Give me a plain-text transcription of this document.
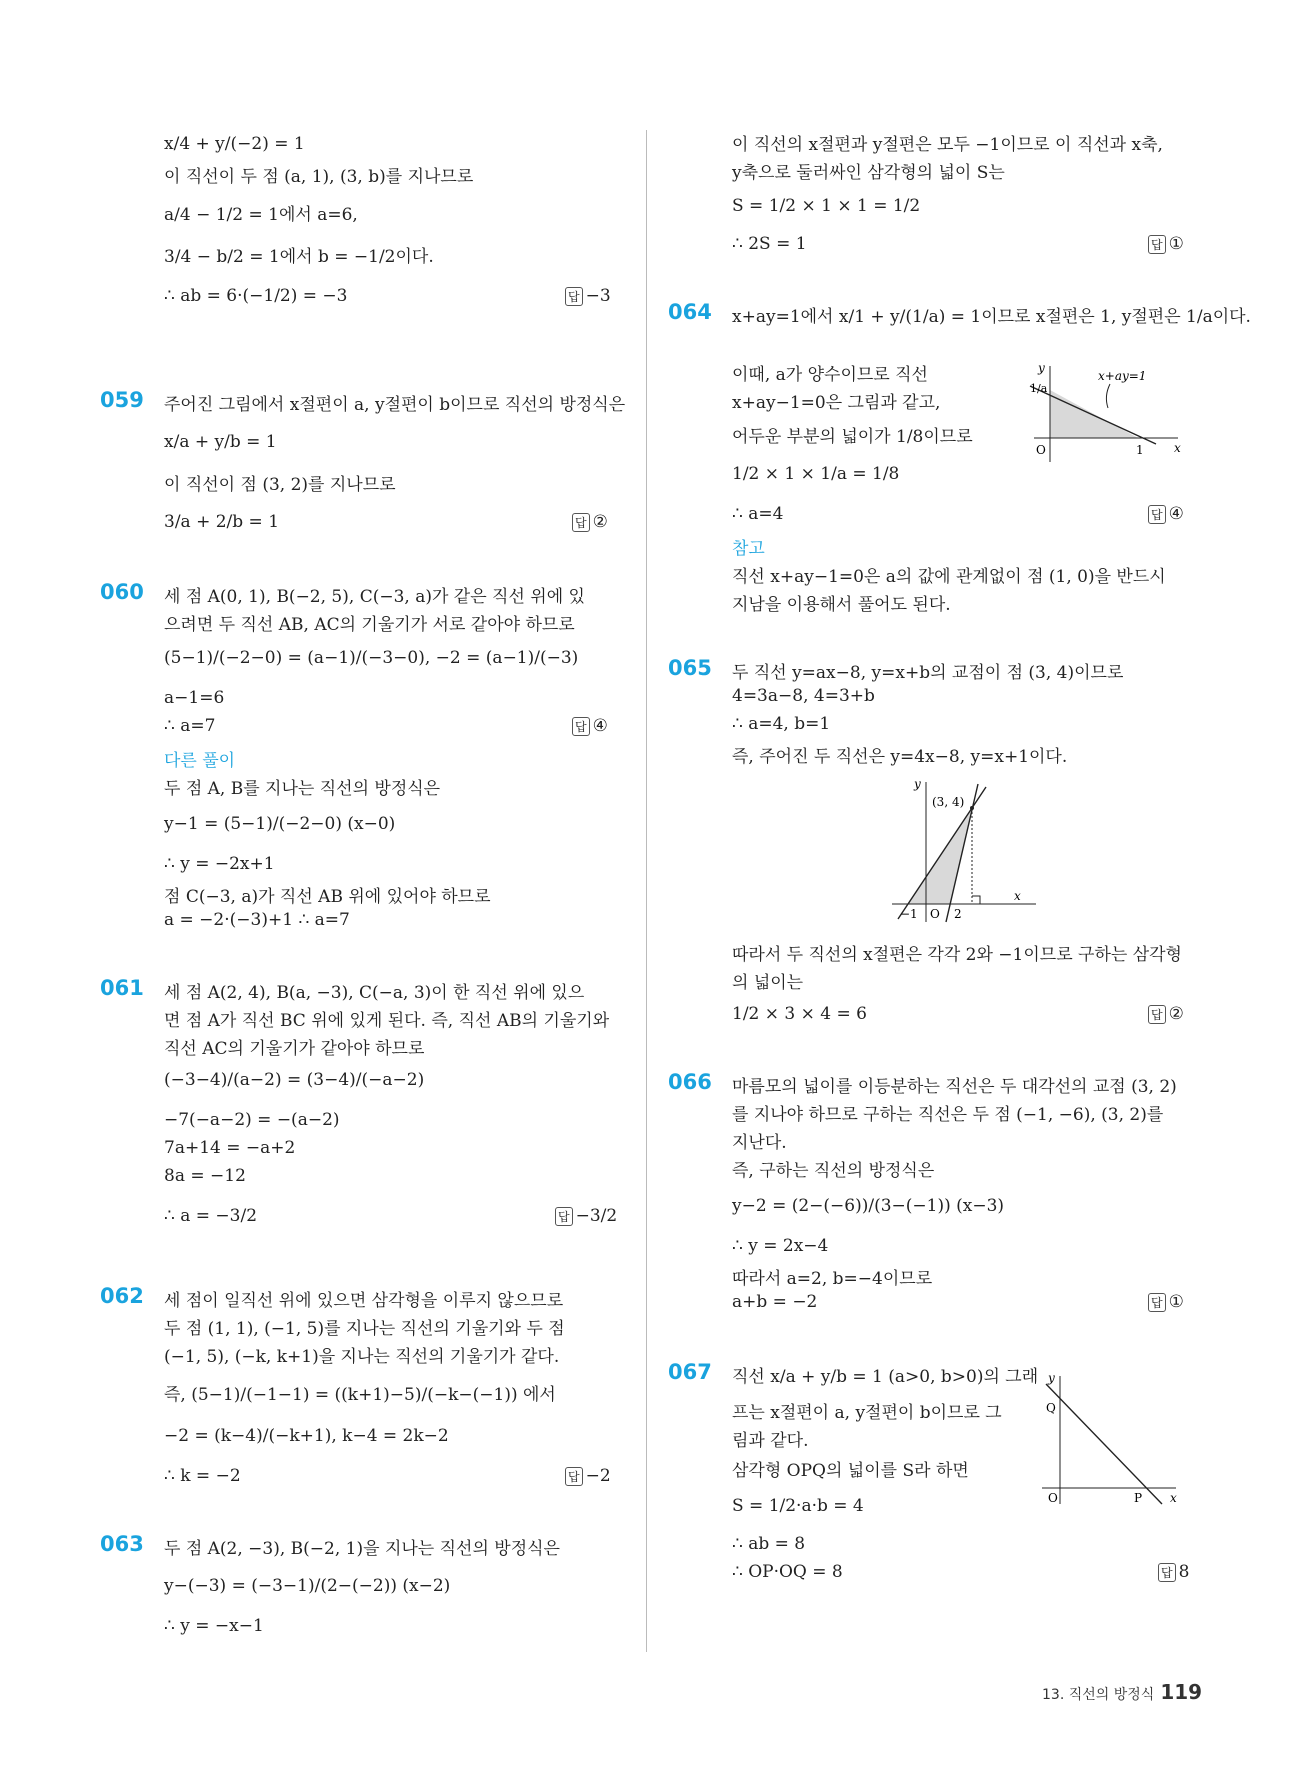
x/4 + y/(−2) = 1
이 직선이 두 점 (a, 1), (3, b)를 지나므로
a/4 − 1/2 = 1에서 a=6,
3/4 − b/2 = 1에서 b = −1/2이다.
∴ ab = 6·(−1/2) = −3	답 −3
059 주어진 그림에서 x절편이 a, y절편이 b이므로 직선의 방정식은
x/a + y/b = 1
이 직선이 점 (3, 2)를 지나므로
3/a + 2/b = 1	답 ②
060 세 점 A(0, 1), B(−2, 5), C(−3, a)가 같은 직선 위에 있
으려면 두 직선 AB, AC의 기울기가 서로 같아야 하므로
(5−1)/(−2−0) = (a−1)/(−3−0), −2 = (a−1)/(−3)
a−1=6
∴ a=7	답 ④
다른 풀이
두 점 A, B를 지나는 직선의 방정식은
y−1 = (5−1)/(−2−0) (x−0)
∴ y = −2x+1
점 C(−3, a)가 직선 AB 위에 있어야 하므로
a = −2·(−3)+1 ∴ a=7
061 세 점 A(2, 4), B(a, −3), C(−a, 3)이 한 직선 위에 있으
면 점 A가 직선 BC 위에 있게 된다. 즉, 직선 AB의 기울기와
직선 AC의 기울기가 같아야 하므로
(−3−4)/(a−2) = (3−4)/(−a−2)
−7(−a−2) = −(a−2)
7a+14 = −a+2
8a = −12
∴ a = −3/2	답 −3/2
062 세 점이 일직선 위에 있으면 삼각형을 이루지 않으므로
두 점 (1, 1), (−1, 5)를 지나는 직선의 기울기와 두 점
(−1, 5), (−k, k+1)을 지나는 직선의 기울기가 같다.
즉, (5−1)/(−1−1) = ((k+1)−5)/(−k−(−1)) 에서
−2 = (k−4)/(−k+1), k−4 = 2k−2
∴ k = −2	답 −2
063 두 점 A(2, −3), B(−2, 1)을 지나는 직선의 방정식은
y−(−3) = (−3−1)/(2−(−2)) (x−2)
∴ y = −x−1
이 직선의 x절편과 y절편은 모두 −1이므로 이 직선과 x축,
y축으로 둘러싸인 삼각형의 넓이 S는
S = 1/2 × 1 × 1 = 1/2
∴ 2S = 1	답 ①
064 x+ay=1에서 x/1 + y/(1/a) = 1이므로 x절편은 1, y절편은 1/a이다.
이때, a가 양수이므로 직선
x+ay−1=0은 그림과 같고,
어두운 부분의 넓이가 1/8이므로
1/2 × 1 × 1/a = 1/8
∴ a=4	답 ④
y
x
O	1
1/a
x+ay=1
참고
직선 x+ay−1=0은 a의 값에 관계없이 점 (1, 0)을 반드시
지남을 이용해서 풀어도 된다.
065 두 직선 y=ax−8, y=x+b의 교점이 점 (3, 4)이므로
4=3a−8, 4=3+b
∴ a=4, b=1
즉, 주어진 두 직선은 y=4x−8, y=x+1이다.
y
x
O
−1	2
(3, 4)
따라서 두 직선의 x절편은 각각 2와 −1이므로 구하는 삼각형
의 넓이는
1/2 × 3 × 4 = 6	답 ②
066 마름모의 넓이를 이등분하는 직선은 두 대각선의 교점 (3, 2)
를 지나야 하므로 구하는 직선은 두 점 (−1, −6), (3, 2)를
지난다.
즉, 구하는 직선의 방정식은
y−2 = (2−(−6))/(3−(−1)) (x−3)
∴ y = 2x−4
따라서 a=2, b=−4이므로
a+b = −2	답 ①
067 직선 x/a + y/b = 1 (a>0, b>0)의 그래
프는 x절편이 a, y절편이 b이므로 그
림과 같다.
삼각형 OPQ의 넓이를 S라 하면
S = 1/2·a·b = 4
∴ ab = 8
∴ OP·OQ = 8	답 8
y
x
O	P
Q
13. 직선의 방정식 119
